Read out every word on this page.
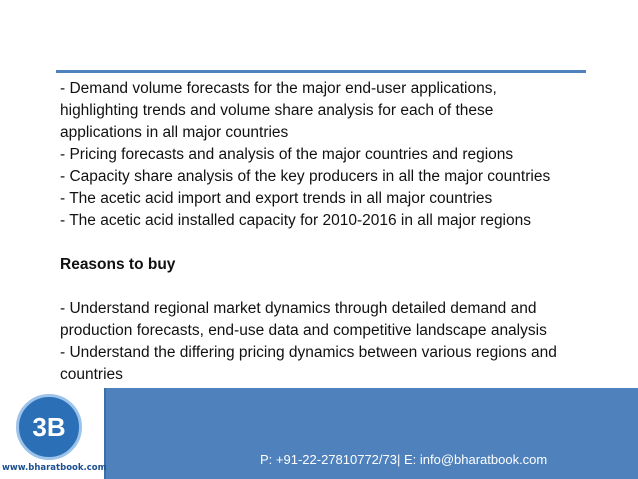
- Demand volume forecasts for the major end-user applications,
highlighting trends and volume share analysis for each of these
applications in all major countries
- Pricing forecasts and analysis of the major countries and regions
- Capacity share analysis of the key producers in all the major countries
- The acetic acid import and export trends in all major countries
- The acetic acid installed capacity for 2010-2016 in all major regions
Reasons to buy
- Understand regional market dynamics through detailed demand and
production forecasts, end-use data and competitive landscape analysis
- Understand the differing pricing dynamics between various regions and
countries
3B
www.bharatbook.com
P: +91-22-27810772/73| E: info@bharatbook.com
